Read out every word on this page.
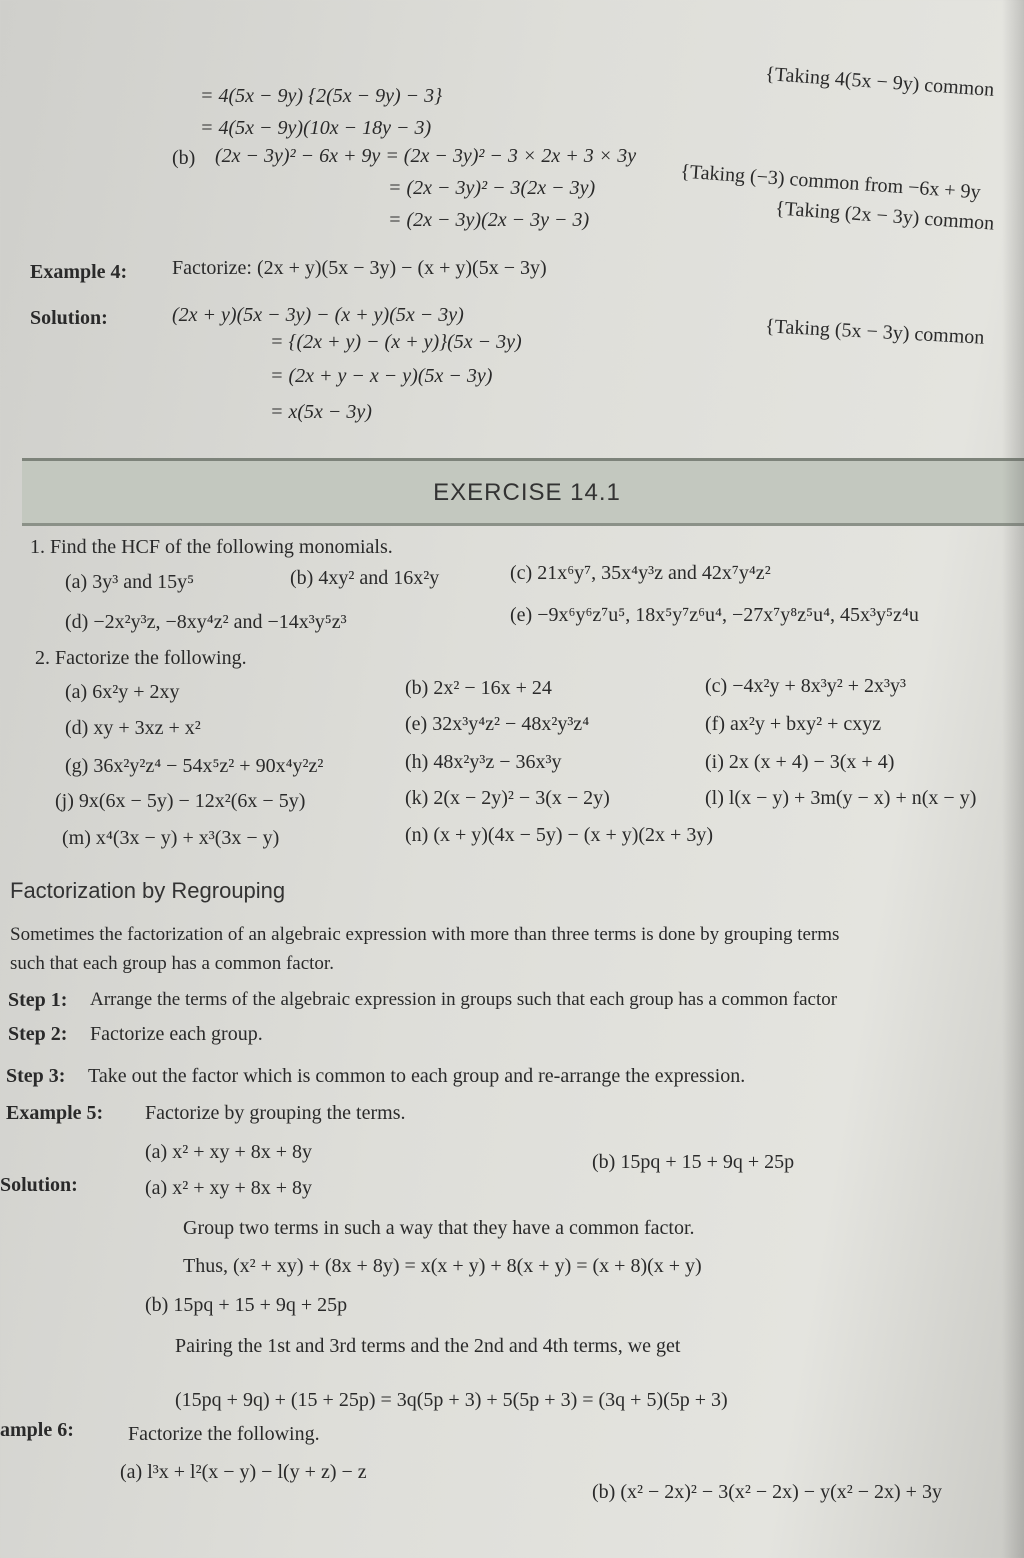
= 4(5x − 9y) {2(5x − 9y) − 3}	{Taking 4(5x − 9y) common
= 4(5x − 9y)(10x − 18y − 3)
(b) (2x − 3y)² − 6x + 9y = (2x − 3y)² − 3 × 2x + 3 × 3y
= (2x − 3y)² − 3(2x − 3y)	{Taking (−3) common from −6x + 9y
= (2x − 3y)(2x − 3y − 3)	{Taking (2x − 3y) common
Example 4: Factorize: (2x + y)(5x − 3y) − (x + y)(5x − 3y)
Solution:	(2x + y)(5x − 3y) − (x + y)(5x − 3y)
= {(2x + y) − (x + y)}(5x − 3y)	{Taking (5x − 3y) common
= (2x + y − x − y)(5x − 3y)
= x(5x − 3y)
EXERCISE 14.1
1. Find the HCF of the following monomials.
(a) 3y³ and 15y⁵	(b) 4xy² and 16x²y	(c) 21x⁶y⁷, 35x⁴y³z and 42x⁷y⁴z²
(d) −2x²y³z, −8xy⁴z² and −14x³y⁵z³	(e) −9x⁶y⁶z⁷u⁵, 18x⁵y⁷z⁶u⁴, −27x⁷y⁸z⁵u⁴, 45x³y⁵z⁴u
2. Factorize the following.
(a) 6x²y + 2xy	(b) 2x² − 16x + 24	(c) −4x²y + 8x³y² + 2x³y³
(d) xy + 3xz + x²	(e) 32x³y⁴z² − 48x²y³z⁴	(f) ax²y + bxy² + cxyz
(g) 36x²y²z⁴ − 54x⁵z² + 90x⁴y²z²	(h) 48x²y³z − 36x³y	(i) 2x (x + 4) − 3(x + 4)
(j) 9x(6x − 5y) − 12x²(6x − 5y)	(k) 2(x − 2y)² − 3(x − 2y)	(l) l(x − y) + 3m(y − x) + n(x − y)
(m) x⁴(3x − y) + x³(3x − y)	(n) (x + y)(4x − 5y) − (x + y)(2x + 3y)
Factorization by Regrouping
Sometimes the factorization of an algebraic expression with more than three terms is done by grouping terms
such that each group has a common factor.
Step 1: Arrange the terms of the algebraic expression in groups such that each group has a common factor
Step 2: Factorize each group.
Step 3: Take out the factor which is common to each group and re-arrange the expression.
Example 5: Factorize by grouping the terms.
(a) x² + xy + 8x + 8y	(b) 15pq + 15 + 9q + 25p
Solution:	(a) x² + xy + 8x + 8y
Group two terms in such a way that they have a common factor.
Thus, (x² + xy) + (8x + 8y) = x(x + y) + 8(x + y) = (x + 8)(x + y)
(b) 15pq + 15 + 9q + 25p
Pairing the 1st and 3rd terms and the 2nd and 4th terms, we get
(15pq + 9q) + (15 + 25p) = 3q(5p + 3) + 5(5p + 3) = (3q + 5)(5p + 3)
ample 6:	Factorize the following.
(a) l³x + l²(x − y) − l(y + z) − z
(b) (x² − 2x)² − 3(x² − 2x) − y(x² − 2x) + 3y
